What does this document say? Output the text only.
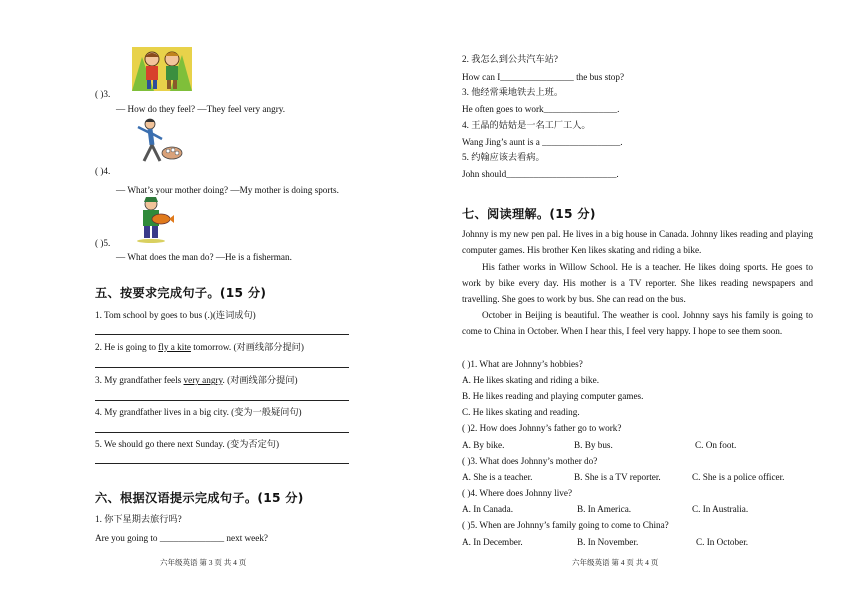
( )3.
— How do they feel? —They feel very angry.
( )4.
— What’s your mother doing? —My mother is doing sports.
( )5.
— What does the man do? —He is a fisherman.
五、按要求完成句子。(15 分)
1. Tom school by goes to bus (.)(连词成句)
2. He is going to fly a kite tomorrow. (对画线部分提问)
3. My grandfather feels very angry. (对画线部分提问)
4. My grandfather lives in a big city. (变为一般疑问句)
5. We should go there next Sunday. (变为否定句)
六、根据汉语提示完成句子。(15 分)
1. 你下星期去旅行吗?
Are you going to ______________ next week?
六年级英语 第 3 页 共 4 页
2. 我怎么到公共汽车站?
How can I________________ the bus stop?
3. 他经常乘地铁去上班。
He often goes to work________________.
4. 王晶的姑姑是一名工厂工人。
Wang Jing’s aunt is a _________________.
5. 约翰应该去看病。
John should________________________.
七、阅读理解。(15 分)
Johnny is my new pen pal. He lives in a big house in Canada. Johnny likes reading and playing computer games. His brother Ken likes skating and riding a bike.
His father works in Willow School. He is a teacher. He likes doing sports. He goes to work by bike every day. His mother is a TV reporter. She likes reading newspapers and travelling. She goes to work by bus. She can read on the bus.
October in Beijing is beautiful. The weather is cool. Johnny says his family is going to come to China in October. When I hear this, I feel very happy. I hope to see them soon.
( )1. What are Johnny’s hobbies?
A. He likes skating and riding a bike.
B. He likes reading and playing computer games.
C. He likes skating and reading.
( )2. How does Johnny’s father go to work?
A. By bike.	B. By bus.	C. On foot.
( )3. What does Johnny’s mother do?
A. She is a teacher.	B. She is a TV reporter.	C. She is a police officer.
( )4. Where does Johnny live?
A. In Canada.	B. In America.	C. In Australia.
( )5. When are Johnny’s family going to come to China?
A. In December.	B. In November.	C. In October.
六年级英语 第 4 页 共 4 页
